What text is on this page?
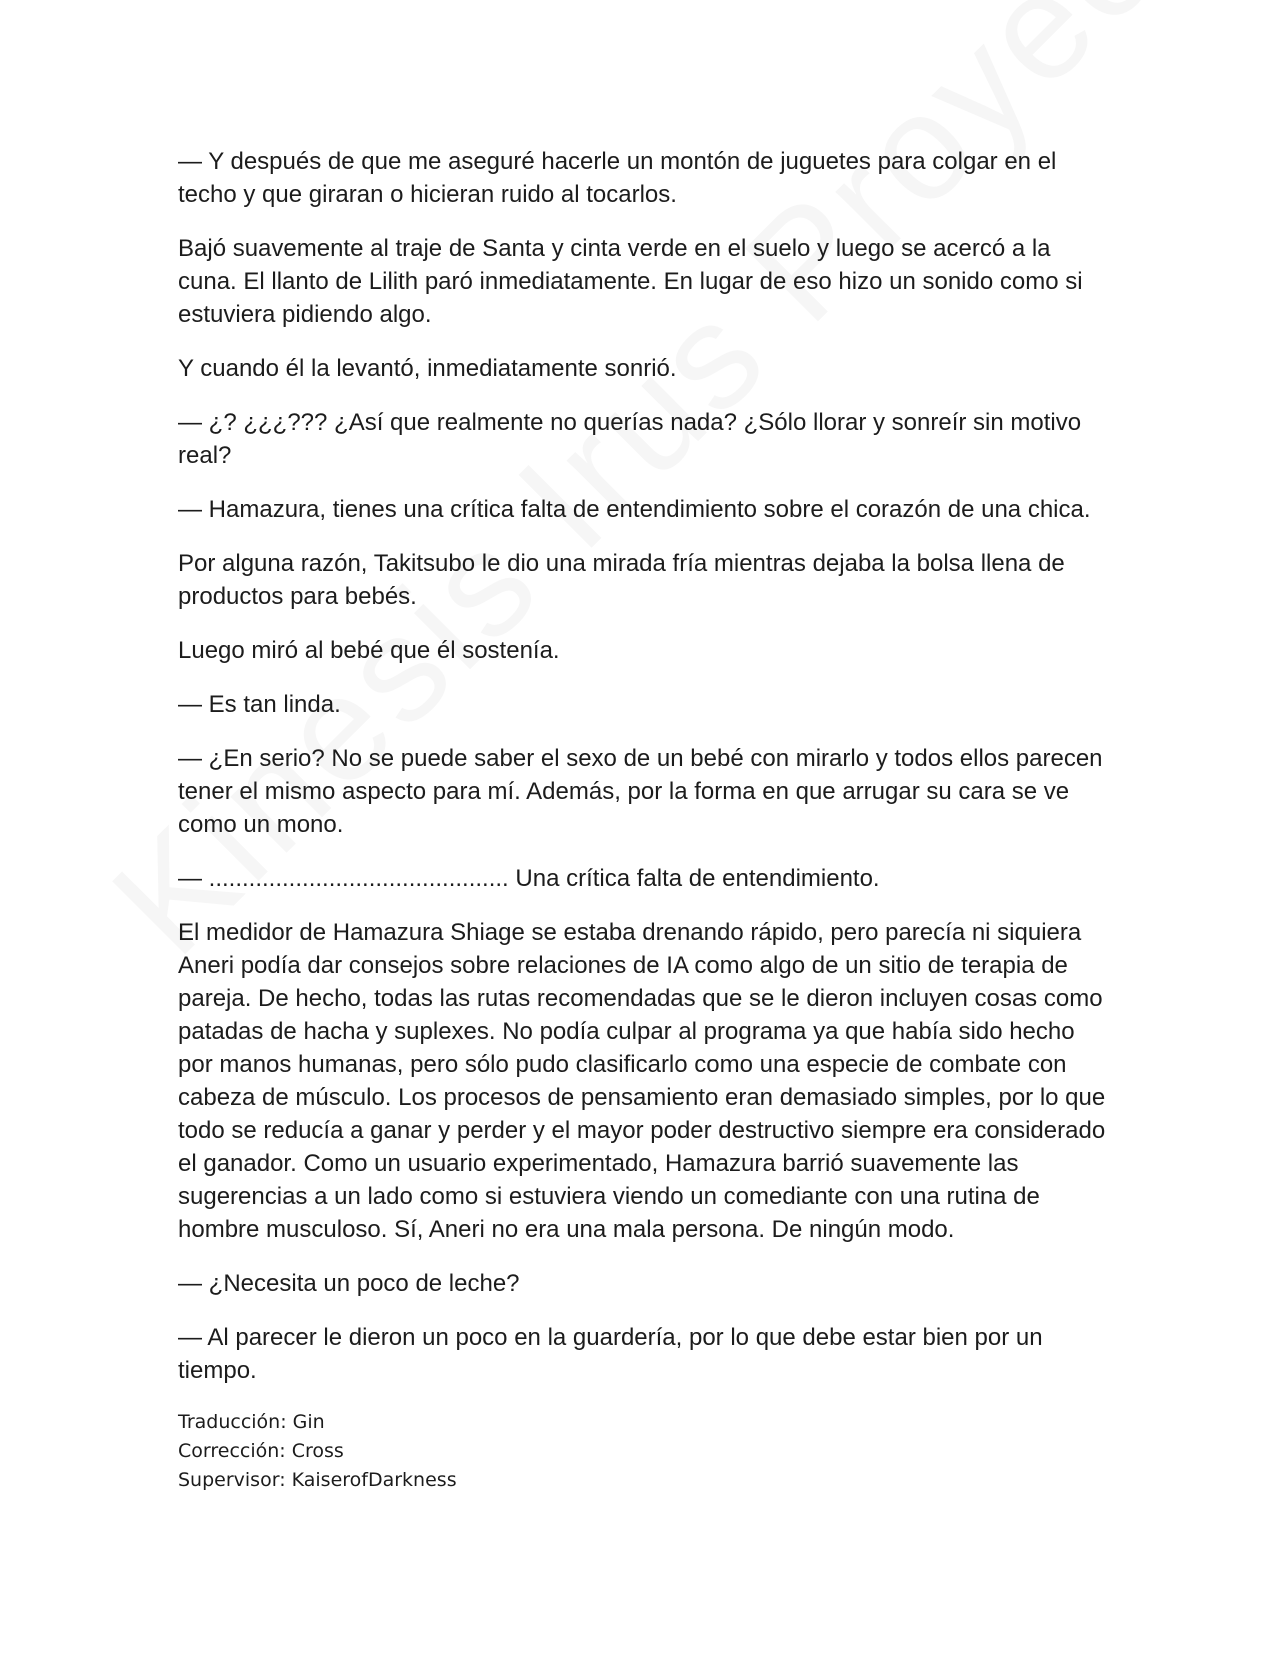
— Y después de que me aseguré hacerle un montón de juguetes para colgar en el techo y que giraran o hicieran ruido al tocarlos.

Bajó suavemente al traje de Santa y cinta verde en el suelo y luego se acercó a la cuna. El llanto de Lilith paró inmediatamente. En lugar de eso hizo un sonido como si estuviera pidiendo algo.

Y cuando él la levantó, inmediatamente sonrió.

— ¿? ¿¿¿??? ¿Así que realmente no querías nada? ¿Sólo llorar y sonreír sin motivo real?

— Hamazura, tienes una crítica falta de entendimiento sobre el corazón de una chica.

Por alguna razón, Takitsubo le dio una mirada fría mientras dejaba la bolsa llena de productos para bebés.

Luego miró al bebé que él sostenía.

— Es tan linda.

— ¿En serio? No se puede saber el sexo de un bebé con mirarlo y todos ellos parecen tener el mismo aspecto para mí. Además, por la forma en que arrugar su cara se ve como un mono.

— ............................................. Una crítica falta de entendimiento.

El medidor de Hamazura Shiage se estaba drenando rápido, pero parecía ni siquiera Aneri podía dar consejos sobre relaciones de IA como algo de un sitio de terapia de pareja. De hecho, todas las rutas recomendadas que se le dieron incluyen cosas como patadas de hacha y suplexes. No podía culpar al programa ya que había sido hecho por manos humanas, pero sólo pudo clasificarlo como una especie de combate con cabeza de músculo. Los procesos de pensamiento eran demasiado simples, por lo que todo se reducía a ganar y perder y el mayor poder destructivo siempre era considerado el ganador. Como un usuario experimentado, Hamazura barrió suavemente las sugerencias a un lado como si estuviera viendo un comediante con una rutina de hombre musculoso. Sí, Aneri no era una mala persona. De ningún modo.

— ¿Necesita un poco de leche?

— Al parecer le dieron un poco en la guardería, por lo que debe estar bien por un tiempo.

Traducción: Gin
Corrección: Cross
Supervisor: KaiserofDarkness
